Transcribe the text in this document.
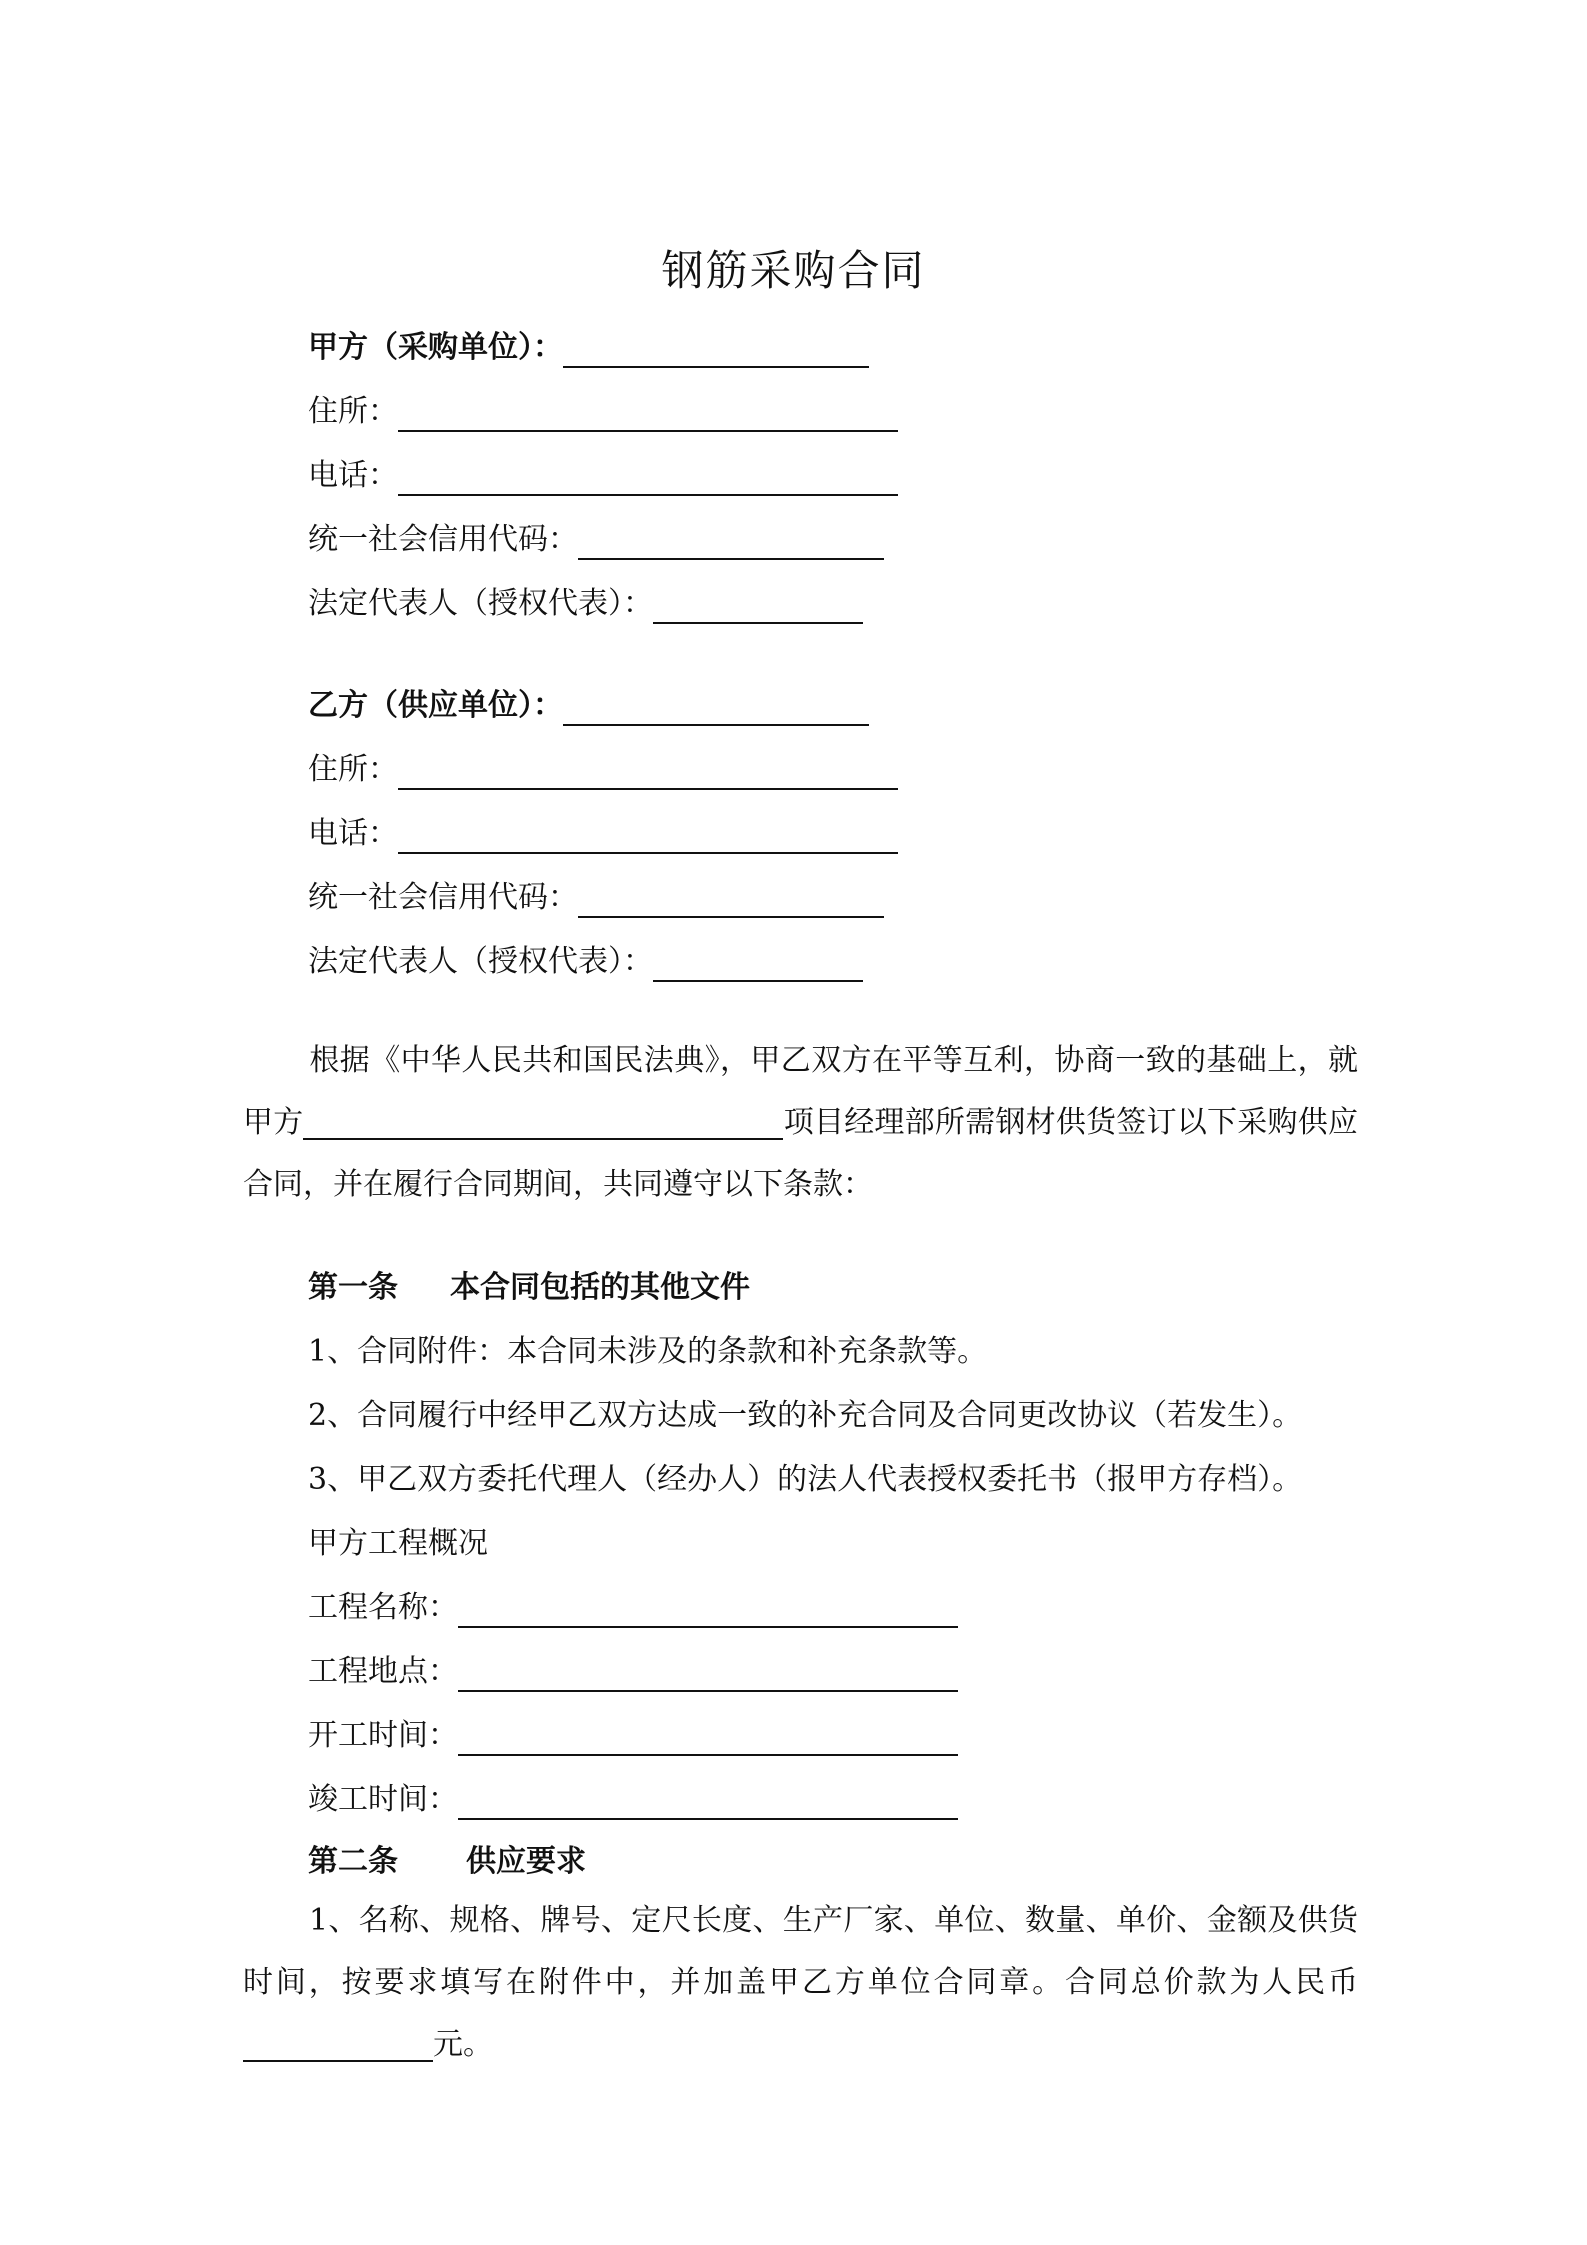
钢筋采购合同
甲方（采购单位）：
住所：
电话：
统一社会信用代码：
法定代表人（授权代表）：
乙方（供应单位）：
住所：
电话：
统一社会信用代码：
法定代表人（授权代表）：
根据《中华人民共和国民法典》，甲乙双方在平等互利，协商一致的基础上，就甲方	项目经理部所需钢材供货签订以下采购供应合同，并在履行合同期间，共同遵守以下条款：
第一条 本合同包括的其他文件
1、合同附件：本合同未涉及的条款和补充条款等。
2、合同履行中经甲乙双方达成一致的补充合同及合同更改协议（若发生）。
3、甲乙双方委托代理人（经办人）的法人代表授权委托书（报甲方存档）。
甲方工程概况
工程名称：
工程地点：
开工时间：
竣工时间：
第二条 供应要求
1、名称、规格、牌号、定尺长度、生产厂家、单位、数量、单价、金额及供货时间，按要求填写在附件中，并加盖甲乙方单位合同章。合同总价款为人民币元。
